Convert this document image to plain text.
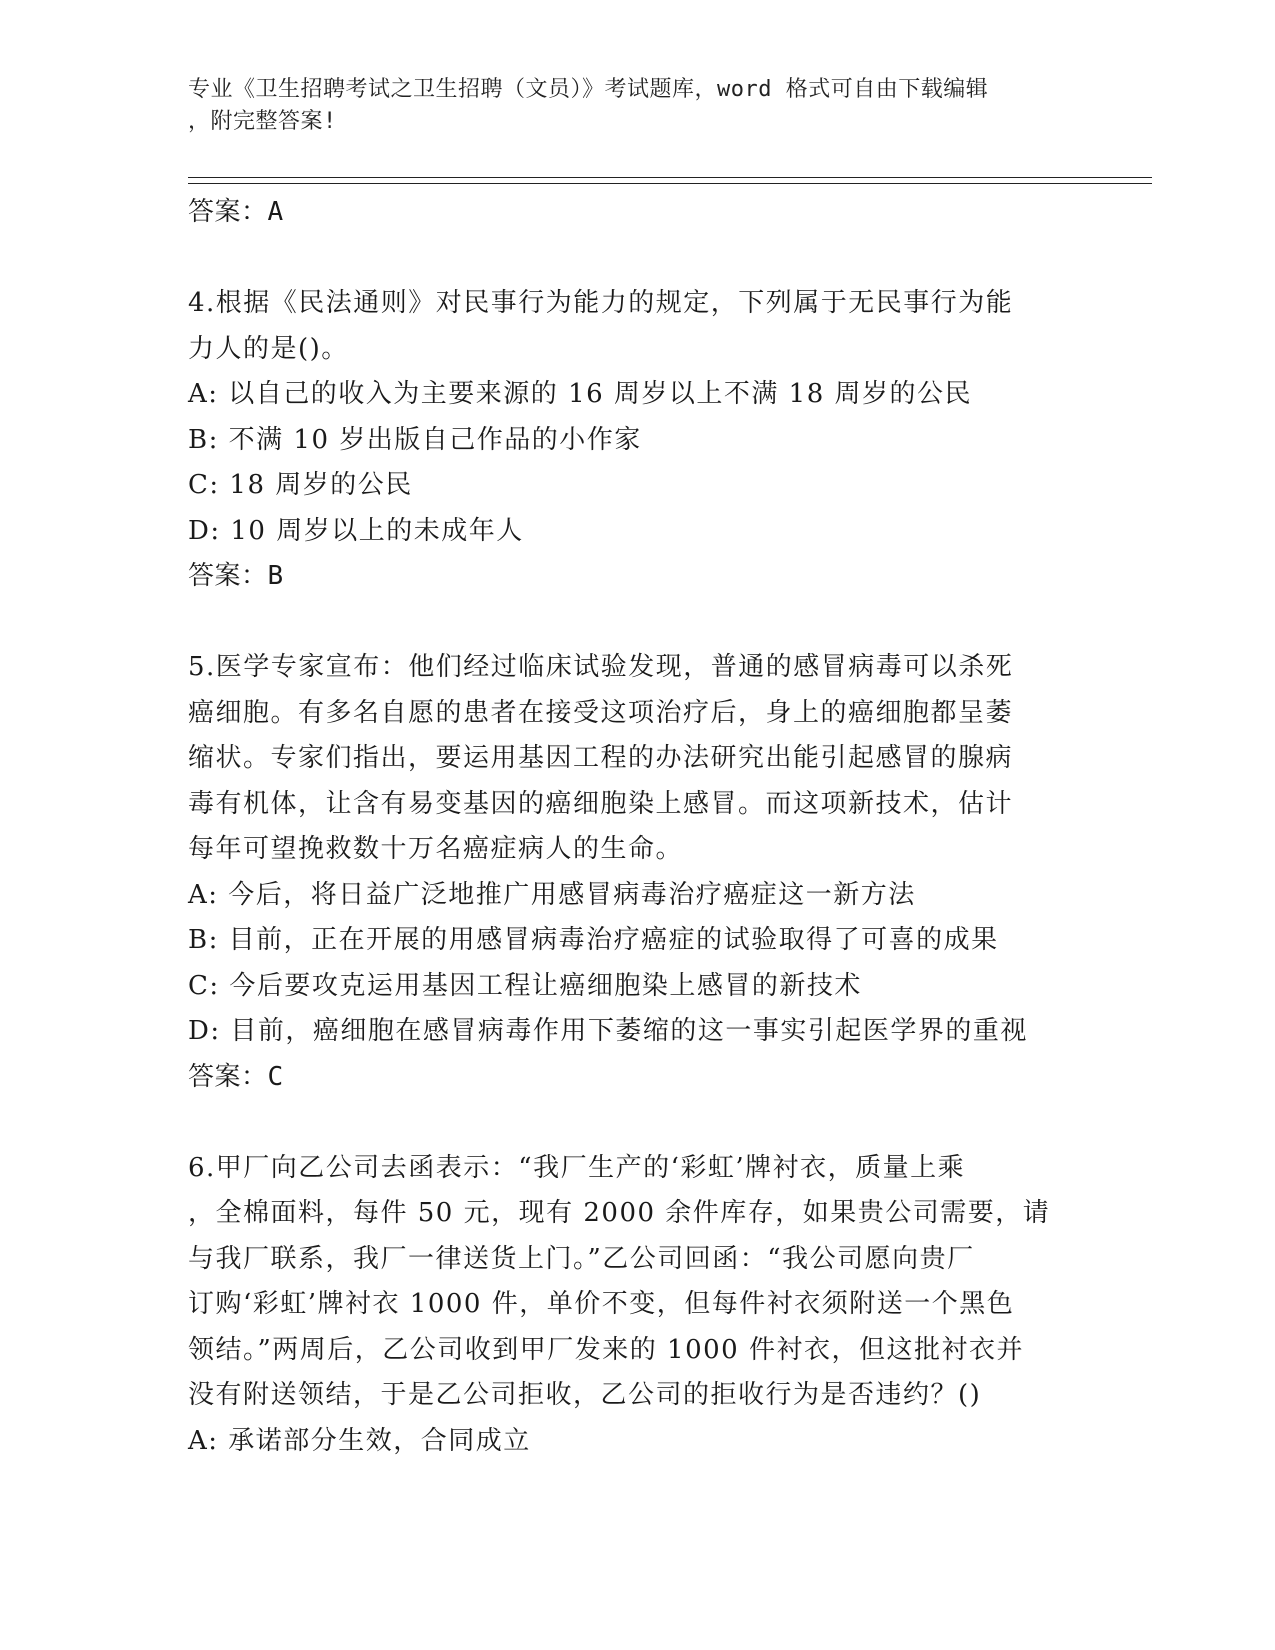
专业《卫生招聘考试之卫生招聘（文员）》考试题库，word 格式可自由下载编辑
，附完整答案!
答案：A
4.根据《民法通则》对民事行为能力的规定，下列属于无民事行为能
力人的是()。
A: 以自己的收入为主要来源的 16 周岁以上不满 18 周岁的公民
B: 不满 10 岁出版自己作品的小作家
C: 18 周岁的公民
D: 10 周岁以上的未成年人
答案：B
5.医学专家宣布：他们经过临床试验发现，普通的感冒病毒可以杀死
癌细胞。有多名自愿的患者在接受这项治疗后，身上的癌细胞都呈萎
缩状。专家们指出，要运用基因工程的办法研究出能引起感冒的腺病
毒有机体，让含有易变基因的癌细胞染上感冒。而这项新技术，估计
每年可望挽救数十万名癌症病人的生命。
A: 今后，将日益广泛地推广用感冒病毒治疗癌症这一新方法
B: 目前，正在开展的用感冒病毒治疗癌症的试验取得了可喜的成果
C: 今后要攻克运用基因工程让癌细胞染上感冒的新技术
D: 目前，癌细胞在感冒病毒作用下萎缩的这一事实引起医学界的重视
答案：C
6.甲厂向乙公司去函表示：“我厂生产的‘彩虹’牌衬衣，质量上乘
，全棉面料，每件 50 元，现有 2000 余件库存，如果贵公司需要，请
与我厂联系，我厂一律送货上门。”乙公司回函：“我公司愿向贵厂
订购‘彩虹’牌衬衣 1000 件，单价不变，但每件衬衣须附送一个黑色
领结。”两周后，乙公司收到甲厂发来的 1000 件衬衣，但这批衬衣并
没有附送领结，于是乙公司拒收，乙公司的拒收行为是否违约？()
A: 承诺部分生效，合同成立
